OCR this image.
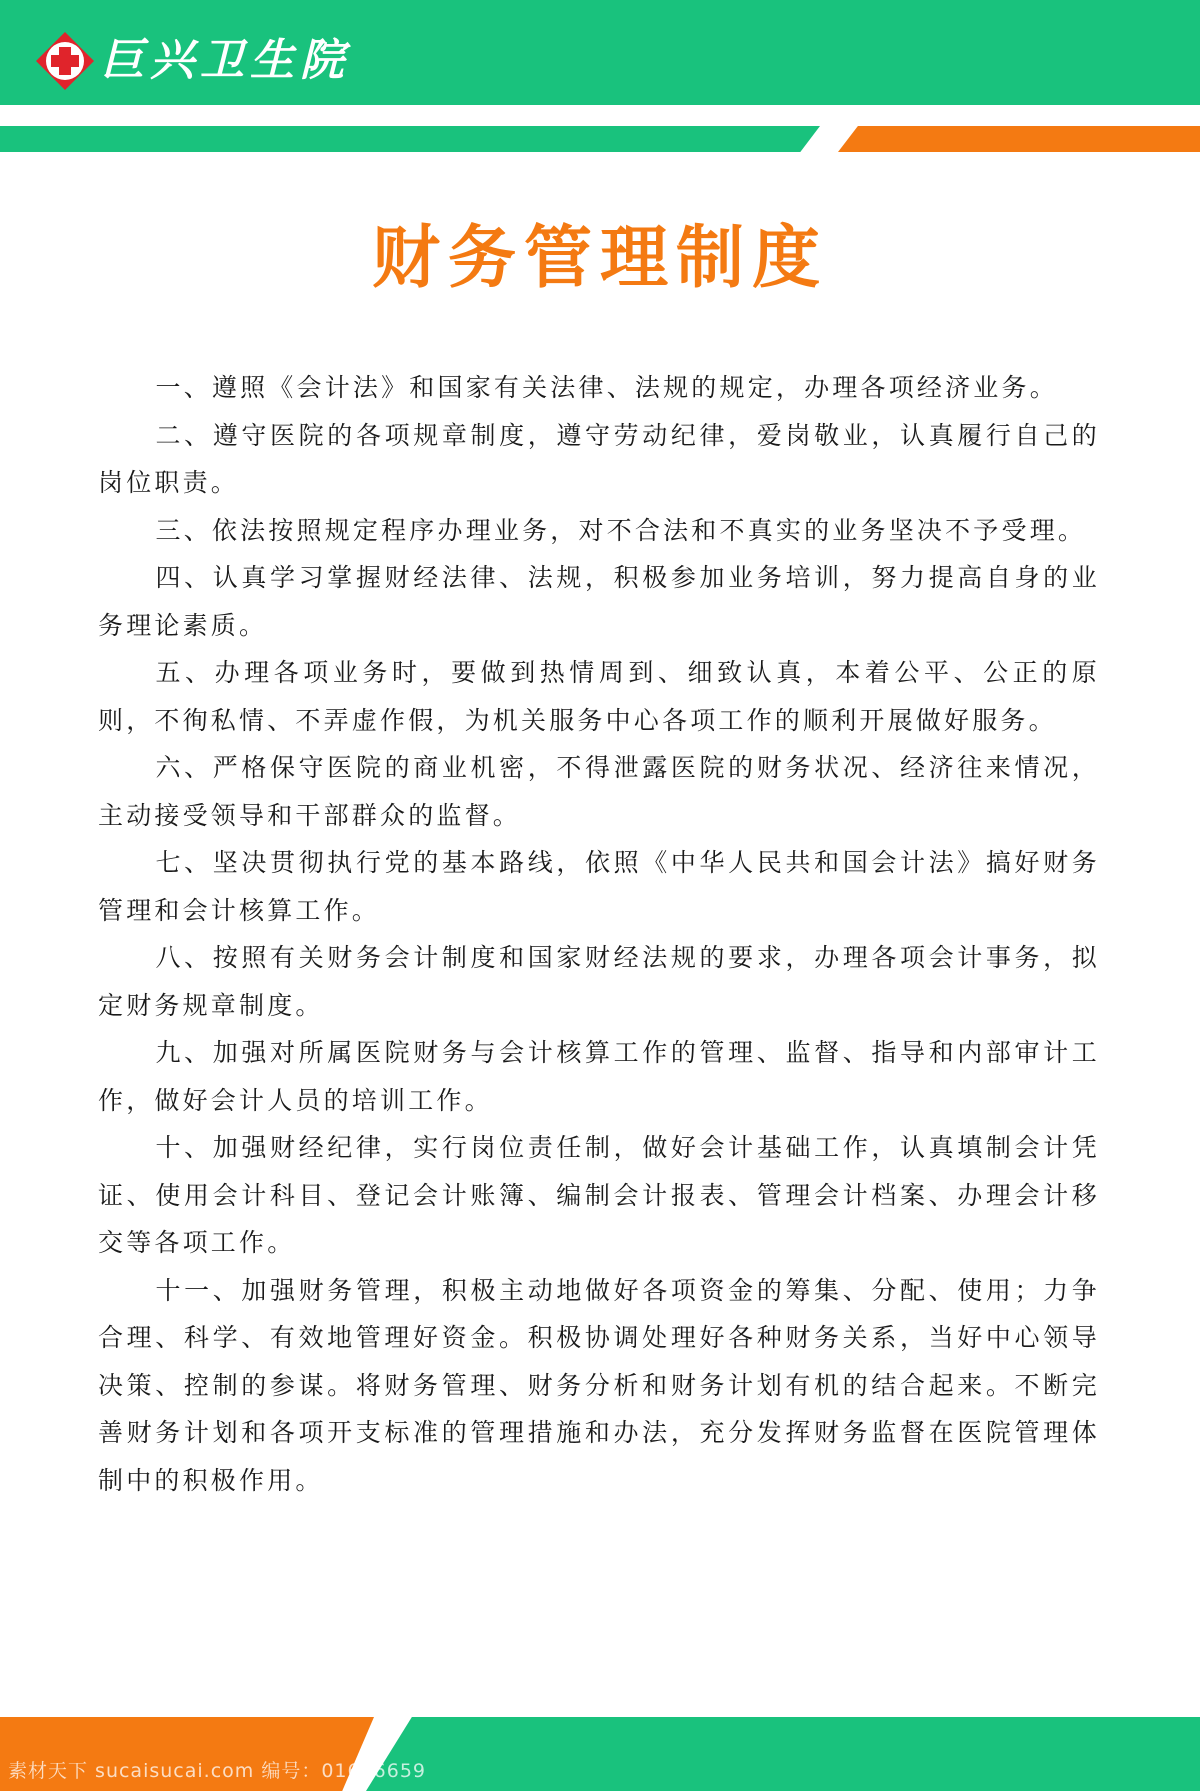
巨兴卫生院
财务管理制度

一、遵照《会计法》和国家有关法律、法规的规定，办理各项经济业务。

二、遵守医院的各项规章制度，遵守劳动纪律，爱岗敬业，认真履行自己的岗位职责。

三、依法按照规定程序办理业务，对不合法和不真实的业务坚决不予受理。

四、认真学习掌握财经法律、法规，积极参加业务培训，努力提高自身的业务理论素质。

五、办理各项业务时，要做到热情周到、细致认真，本着公平、公正的原则，不徇私情、不弄虚作假，为机关服务中心各项工作的顺利开展做好服务。

六、严格保守医院的商业机密，不得泄露医院的财务状况、经济往来情况，主动接受领导和干部群众的监督。

七、坚决贯彻执行党的基本路线，依照《中华人民共和国会计法》搞好财务管理和会计核算工作。

八、按照有关财务会计制度和国家财经法规的要求，办理各项会计事务，拟定财务规章制度。

九、加强对所属医院财务与会计核算工作的管理、监督、指导和内部审计工作，做好会计人员的培训工作。

十、加强财经纪律，实行岗位责任制，做好会计基础工作，认真填制会计凭证、使用会计科目、登记会计账簿、编制会计报表、管理会计档案、办理会计移交等各项工作。

十一、加强财务管理，积极主动地做好各项资金的筹集、分配、使用；力争合理、科学、有效地管理好资金。积极协调处理好各种财务关系，当好中心领导决策、控制的参谋。将财务管理、财务分析和财务计划有机的结合起来。不断完善财务计划和各项开支标准的管理措施和办法，充分发挥财务监督在医院管理体制中的积极作用。

素材天下 sucaisucai.com 编号：01656659
